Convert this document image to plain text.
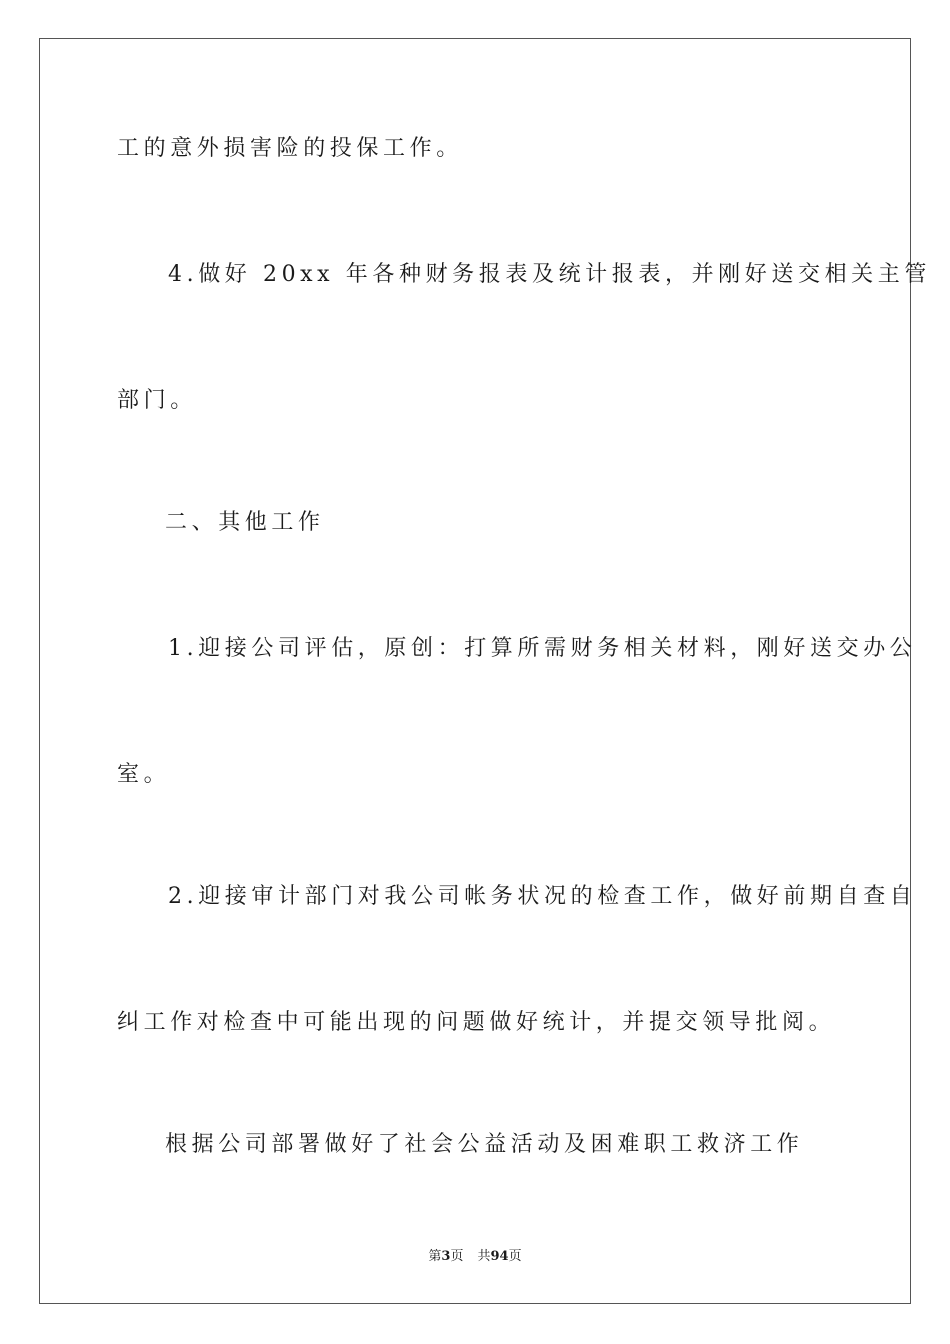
工的意外损害险的投保工作。
4.做好 20xx 年各种财务报表及统计报表，并刚好送交相关主管
部门。
二、其他工作
1.迎接公司评估，原创：打算所需财务相关材料，刚好送交办公
室。
2.迎接审计部门对我公司帐务状况的检查工作，做好前期自查自
纠工作对检查中可能出现的问题做好统计，并提交领导批阅。
根据公司部署做好了社会公益活动及困难职工救济工作
第3页 共94页
